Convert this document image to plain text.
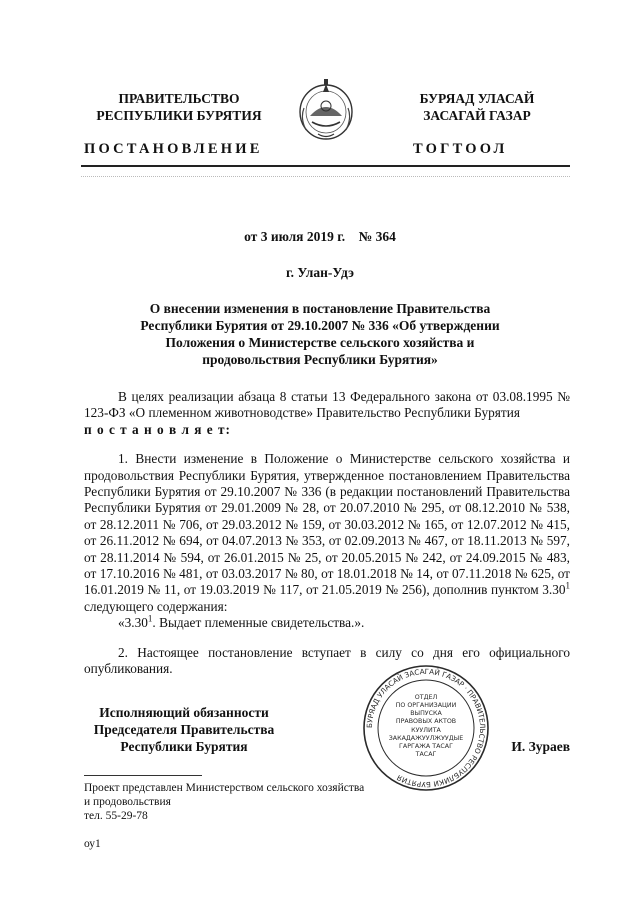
ПРАВИТЕЛЬСТВО
РЕСПУБЛИКИ БУРЯТИЯ
БУРЯАД УЛАСАЙ
ЗАСАГАЙ ГАЗАР
ПОСТАНОВЛЕНИЕ	ТОГТООЛ
от 3 июля 2019 г.    № 364
г. Улан-Удэ
О внесении изменения в постановление Правительства
Республики Бурятия от 29.10.2007 № 336 «Об утверждении
Положения о Министерстве сельского хозяйства и
продовольствия Республики Бурятия»

В целях реализации абзаца 8 статьи 13 Федерального закона от 03.08.1995 № 123-ФЗ «О племенном животноводстве» Правительство Республики Бурятия

п о с т а н о в л я е т:

1. Внести изменение в Положение о Министерстве сельского хозяйства и продовольствия Республики Бурятия, утвержденное постановлением Правительства Республики Бурятия от 29.10.2007 № 336 (в редакции постановлений Правительства Республики Бурятия от 29.01.2009 № 28, от 20.07.2010 № 295, от 08.12.2010 № 538, от 28.12.2011 № 706, от 29.03.2012 № 159, от 30.03.2012 № 165, от 12.07.2012 № 415, от 26.11.2012 № 694, от 04.07.2013 № 353, от 02.09.2013 № 467, от 18.11.2013 № 597, от 28.11.2014 № 594, от 26.01.2015 № 25, от 20.05.2015 № 242, от 24.09.2015 № 483, от 17.10.2016 № 481, от 03.03.2017 № 80, от 18.01.2018 № 14, от 07.11.2018 № 625, от 16.01.2019 № 11, от 19.03.2019 № 117, от 21.05.2019 № 256), дополнив пунктом 3.30$^1$ следующего содержания:

«3.30$^1$. Выдает племенные свидетельства.».

2. Настоящее постановление вступает в силу со дня его официального опубликования.

Исполняющий обязанности
Председателя Правительства
Республики Бурятия
БУРЯАД УЛАСАЙ ЗАСАГАЙ ГАЗАР · ПРАВИТЕЛЬСТВО РЕСПУБЛИКИ БУРЯТИЯ
ОТДЕЛ
ПО ОРГАНИЗАЦИИ
ВЫПУСКА
ПРАВОВЫХ АКТОВ
КУУЛИТА
ЗАКАДАЖУУЛЖУУДЫЕ
ГАРГАЖА ТАСАГ
ТАСАГ
И. Зураев
Проект представлен Министерством сельского хозяйства
и продовольствия
тел. 55-29-78
оу1
